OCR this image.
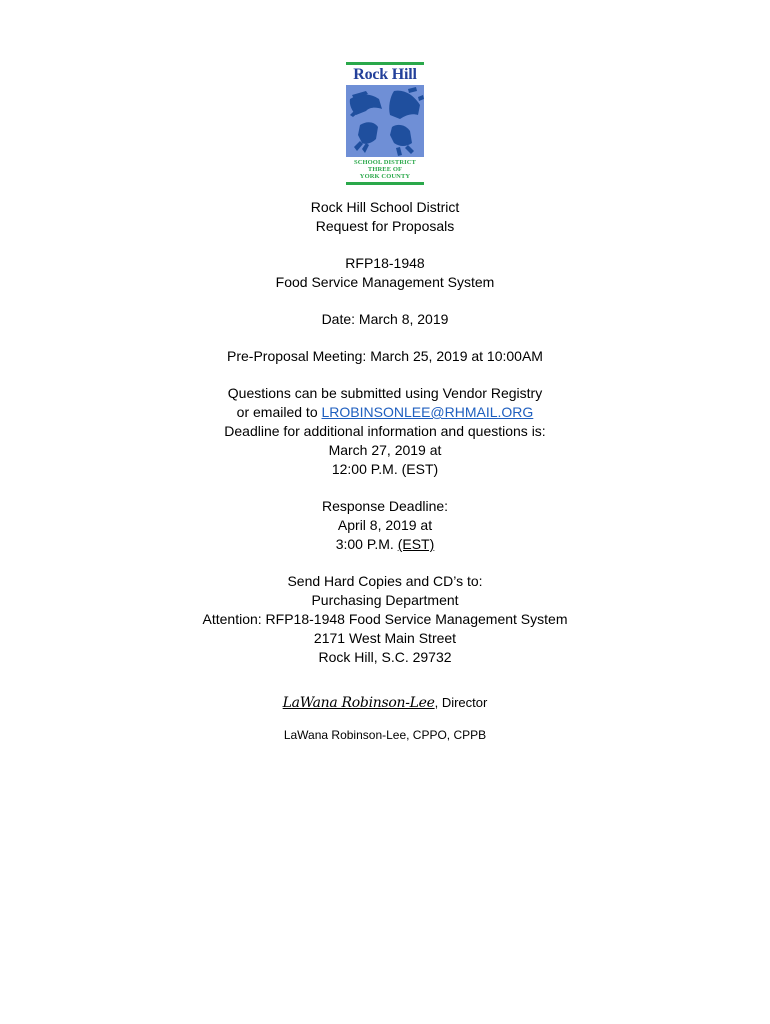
Rock Hill
SCHOOL DISTRICT
THREE OF
YORK COUNTY
Rock Hill School District
Request for Proposals
RFP18-1948
Food Service Management System
Date: March 8, 2019
Pre-Proposal Meeting: March 25, 2019 at 10:00AM
Questions can be submitted using Vendor Registry
or emailed to LROBINSONLEE@RHMAIL.ORG
Deadline for additional information and questions is:
March 27, 2019 at
12:00 P.M. (EST)
Response Deadline:
April 8, 2019 at
3:00 P.M. (EST)
Send Hard Copies and CD’s to:
Purchasing Department
Attention: RFP18-1948 Food Service Management System
2171 West Main Street
Rock Hill, S.C. 29732
LaWana Robinson-Lee, Director
LaWana Robinson-Lee, CPPO, CPPB
